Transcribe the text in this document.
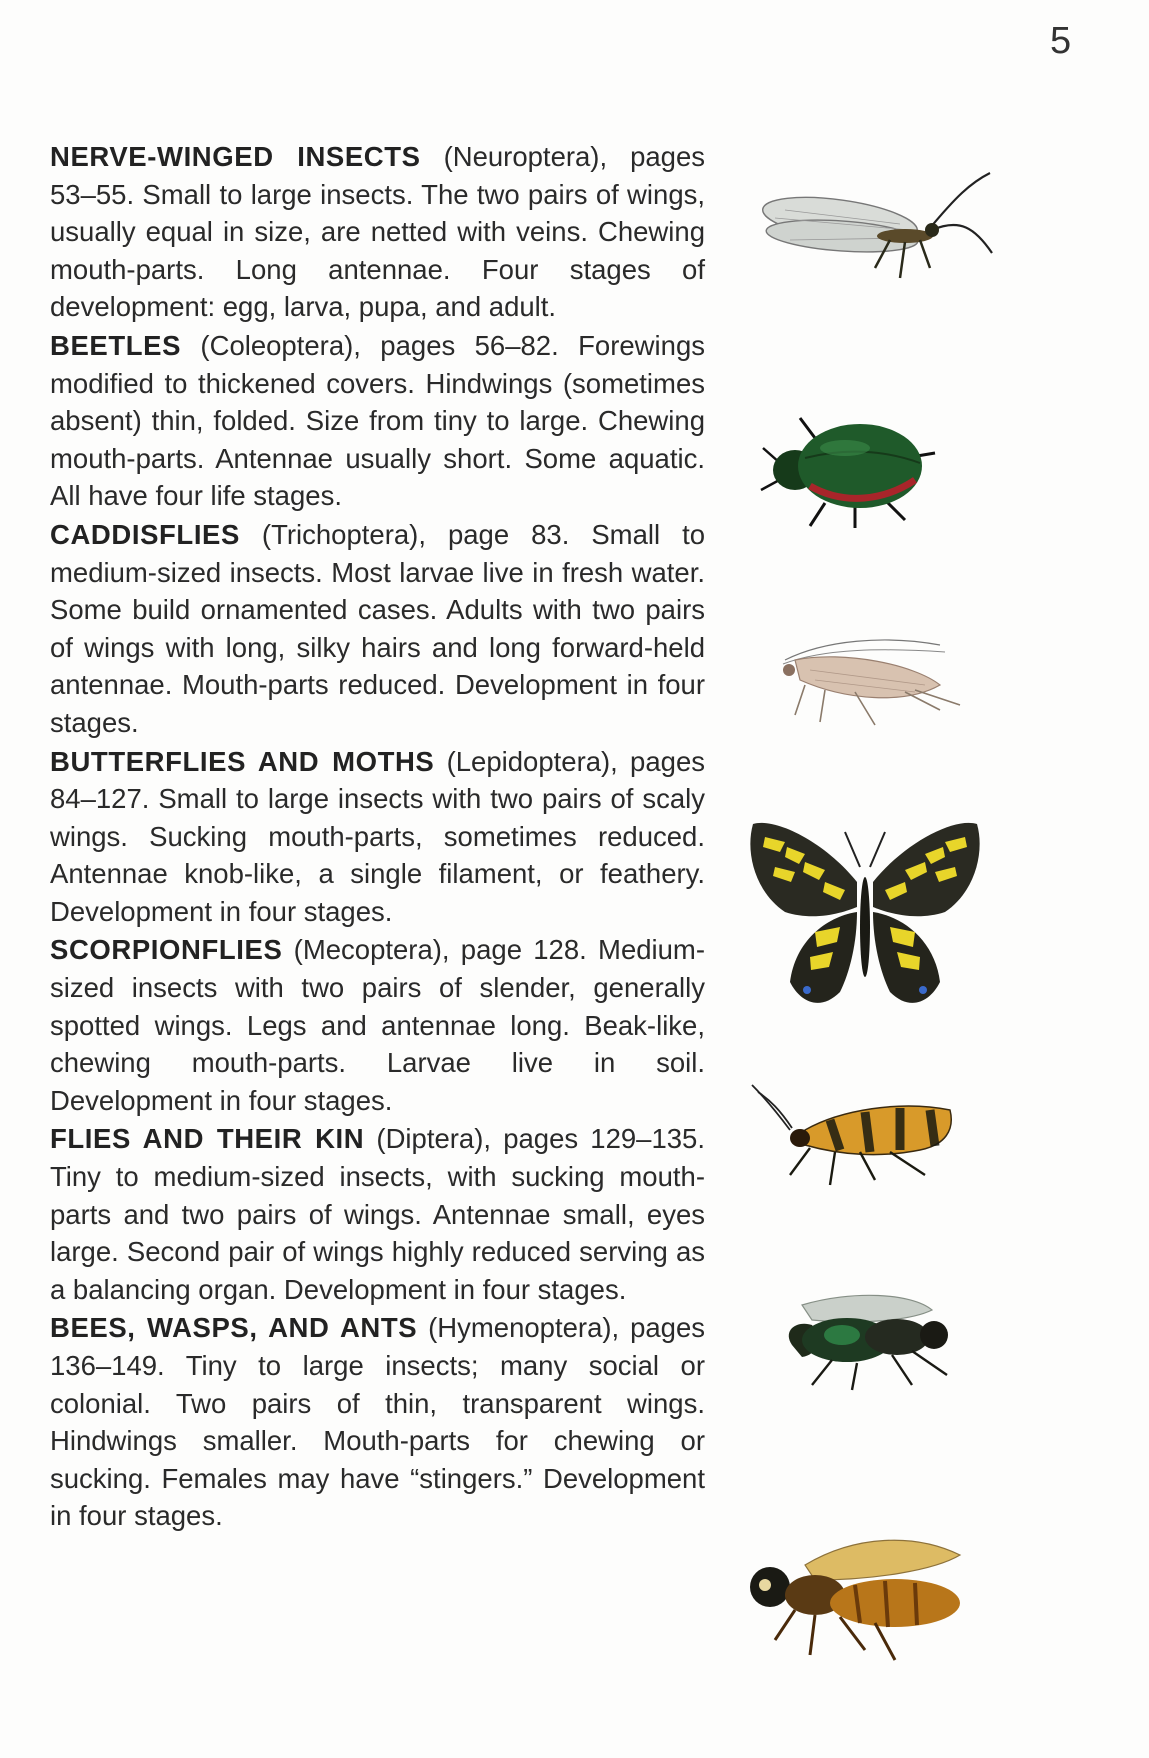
5

NERVE-WINGED INSECTS (Neuroptera), pages 53–55. Small to large insects. The two pairs of wings, usually equal in size, are netted with veins. Chewing mouth-parts. Long antennae. Four stages of development: egg, larva, pupa, and adult.

BEETLES (Coleoptera), pages 56–82. Forewings modified to thickened covers. Hindwings (sometimes absent) thin, folded. Size from tiny to large. Chewing mouth-parts. Antennae usually short. Some aquatic. All have four life stages.

CADDISFLIES (Trichoptera), page 83. Small to medium-sized insects. Most larvae live in fresh water. Some build ornamented cases. Adults with two pairs of wings with long, silky hairs and long forward-held antennae. Mouth-parts reduced. Development in four stages.

BUTTERFLIES AND MOTHS (Lepidoptera), pages 84–127. Small to large insects with two pairs of scaly wings. Sucking mouth-parts, sometimes reduced. Antennae knob-like, a single filament, or feathery. Development in four stages.

SCORPIONFLIES (Mecoptera), page 128. Medium-sized insects with two pairs of slender, generally spotted wings. Legs and antennae long. Beak-like, chewing mouth-parts. Larvae live in soil. Development in four stages.

FLIES AND THEIR KIN (Diptera), pages 129–135. Tiny to medium-sized insects, with sucking mouth-parts and two pairs of wings. Antennae small, eyes large. Second pair of wings highly reduced serving as a balancing organ. Development in four stages.

BEES, WASPS, AND ANTS (Hymenoptera), pages 136–149. Tiny to large insects; many social or colonial. Two pairs of thin, transparent wings. Hindwings smaller. Mouth-parts for chewing or sucking. Females may have “stingers.” Development in four stages.
